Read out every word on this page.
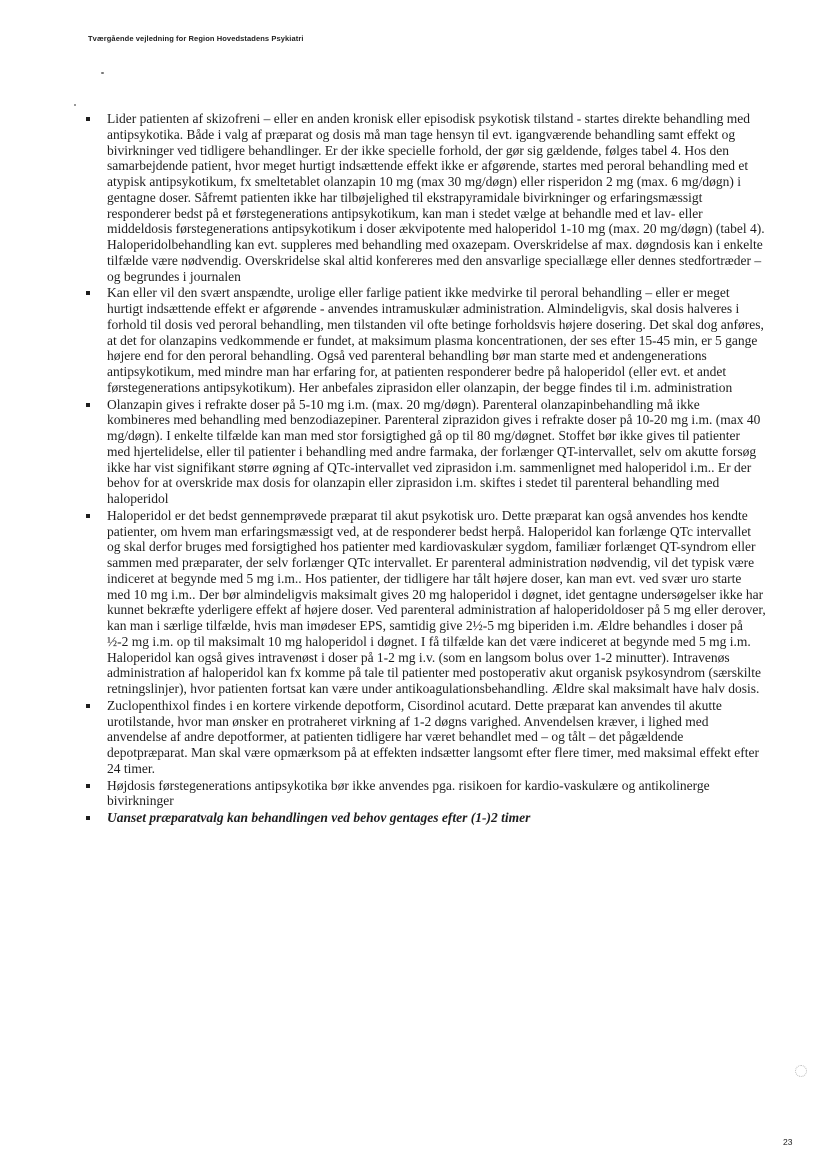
Tværgående vejledning for Region Hovedstadens Psykiatri

Lider patienten af skizofreni – eller en anden kronisk eller episodisk psykotisk tilstand - startes direkte behandling med antipsykotika. Både i valg af præparat og dosis må man tage hensyn til evt. igangværende behandling samt effekt og bivirkninger ved tidligere behandlinger. Er der ikke specielle forhold, der gør sig gældende, følges tabel 4. Hos den samarbejdende patient, hvor meget hurtigt indsættende effekt ikke er afgørende, startes med peroral behandling med et atypisk antipsykotikum, fx smeltetablet olanzapin 10 mg (max 30 mg/døgn) eller risperidon 2 mg (max. 6 mg/døgn) i gentagne doser. Såfremt patienten ikke har tilbøjelighed til ekstrapyramidale bivirkninger og erfaringsmæssigt responderer bedst på et førstegenerations antipsykotikum, kan man i stedet vælge at behandle med et lav- eller middeldosis førstegenerations antipsykotikum i doser ækvipotente med haloperidol 1-10 mg (max. 20 mg/døgn) (tabel 4). Haloperidolbehandling kan evt. suppleres med behandling med oxazepam. Overskridelse af max. døgndosis kan i enkelte tilfælde være nødvendig. Overskridelse skal altid konfereres med den ansvarlige speciallæge eller dennes stedfortræder – og begrundes i journalen

Kan eller vil den svært anspændte, urolige eller farlige patient ikke medvirke til peroral behandling – eller er meget hurtigt indsættende effekt er afgørende - anvendes intramuskulær administration. Almindeligvis, skal dosis halveres i forhold til dosis ved peroral behandling, men tilstanden vil ofte betinge forholdsvis højere dosering. Det skal dog anføres, at det for olanzapins vedkommende er fundet, at maksimum plasma koncentrationen, der ses efter 15-45 min, er 5 gange højere end for den peroral behandling. Også ved parenteral behandling bør man starte med et andengenerations antipsykotikum, med mindre man har erfaring for, at patienten responderer bedre på haloperidol (eller evt. et andet førstegenerations antipsykotikum). Her anbefales ziprasidon eller olanzapin, der begge findes til i.m. administration

Olanzapin gives i refrakte doser på 5-10 mg i.m. (max. 20 mg/døgn). Parenteral olanzapinbehandling må ikke kombineres med behandling med benzodiazepiner. Parenteral ziprazidon gives i refrakte doser på 10-20 mg i.m. (max 40 mg/døgn). I enkelte tilfælde kan man med stor forsigtighed gå op til 80 mg/døgnet. Stoffet bør ikke gives til patienter med hjertelidelse, eller til patienter i behandling med andre farmaka, der forlænger QT-intervallet, selv om akutte forsøg ikke har vist signifikant større øgning af QTc-intervallet ved ziprasidon i.m. sammenlignet med haloperidol i.m.. Er der behov for at overskride max dosis for olanzapin eller ziprasidon i.m. skiftes i stedet til parenteral behandling med haloperidol

Haloperidol er det bedst gennemprøvede præparat til akut psykotisk uro. Dette præparat kan også anvendes hos kendte patienter, om hvem man erfaringsmæssigt ved, at de responderer bedst herpå. Haloperidol kan forlænge QTc intervallet og skal derfor bruges med forsigtighed hos patienter med kardiovaskulær sygdom, familiær forlænget QT-syndrom eller sammen med præparater, der selv forlænger QTc intervallet. Er parenteral administration nødvendig, vil det typisk være indiceret at begynde med 5 mg i.m.. Hos patienter, der tidligere har tålt højere doser, kan man evt. ved svær uro starte med 10 mg i.m.. Der bør almindeligvis maksimalt gives 20 mg haloperidol i døgnet, idet gentagne undersøgelser ikke har kunnet bekræfte yderligere effekt af højere doser. Ved parenteral administration af haloperidoldoser på 5 mg eller derover, kan man i særlige tilfælde, hvis man imødeser EPS, samtidig give 2½-5 mg biperiden i.m. Ældre behandles i doser på ½-2 mg i.m. op til maksimalt 10 mg haloperidol i døgnet. I få tilfælde kan det være indiceret at begynde med 5 mg i.m. Haloperidol kan også gives intravenøst i doser på 1-2 mg i.v. (som en langsom bolus over 1-2 minutter). Intravenøs administration af haloperidol kan fx komme på tale til patienter med postoperativ akut organisk psykosyndrom (særskilte retningslinjer), hvor patienten fortsat kan være under antikoagulationsbehandling. Ældre skal maksimalt have halv dosis.

Zuclopenthixol findes i en kortere virkende depotform, Cisordinol acutard. Dette præparat kan anvendes til akutte urotilstande, hvor man ønsker en protraheret virkning af 1-2 døgns varighed. Anvendelsen kræver, i lighed med anvendelse af andre depotformer, at patienten tidligere har været behandlet med – og tålt – det pågældende depotpræparat. Man skal være opmærksom på at effekten indsætter langsomt efter flere timer, med maksimal effekt efter 24 timer.

Højdosis førstegenerations antipsykotika bør ikke anvendes pga. risikoen for kardio-vaskulære og antikolinerge bivirkninger

Uanset præparatvalg kan behandlingen ved behov gentages efter (1-)2 timer

23
